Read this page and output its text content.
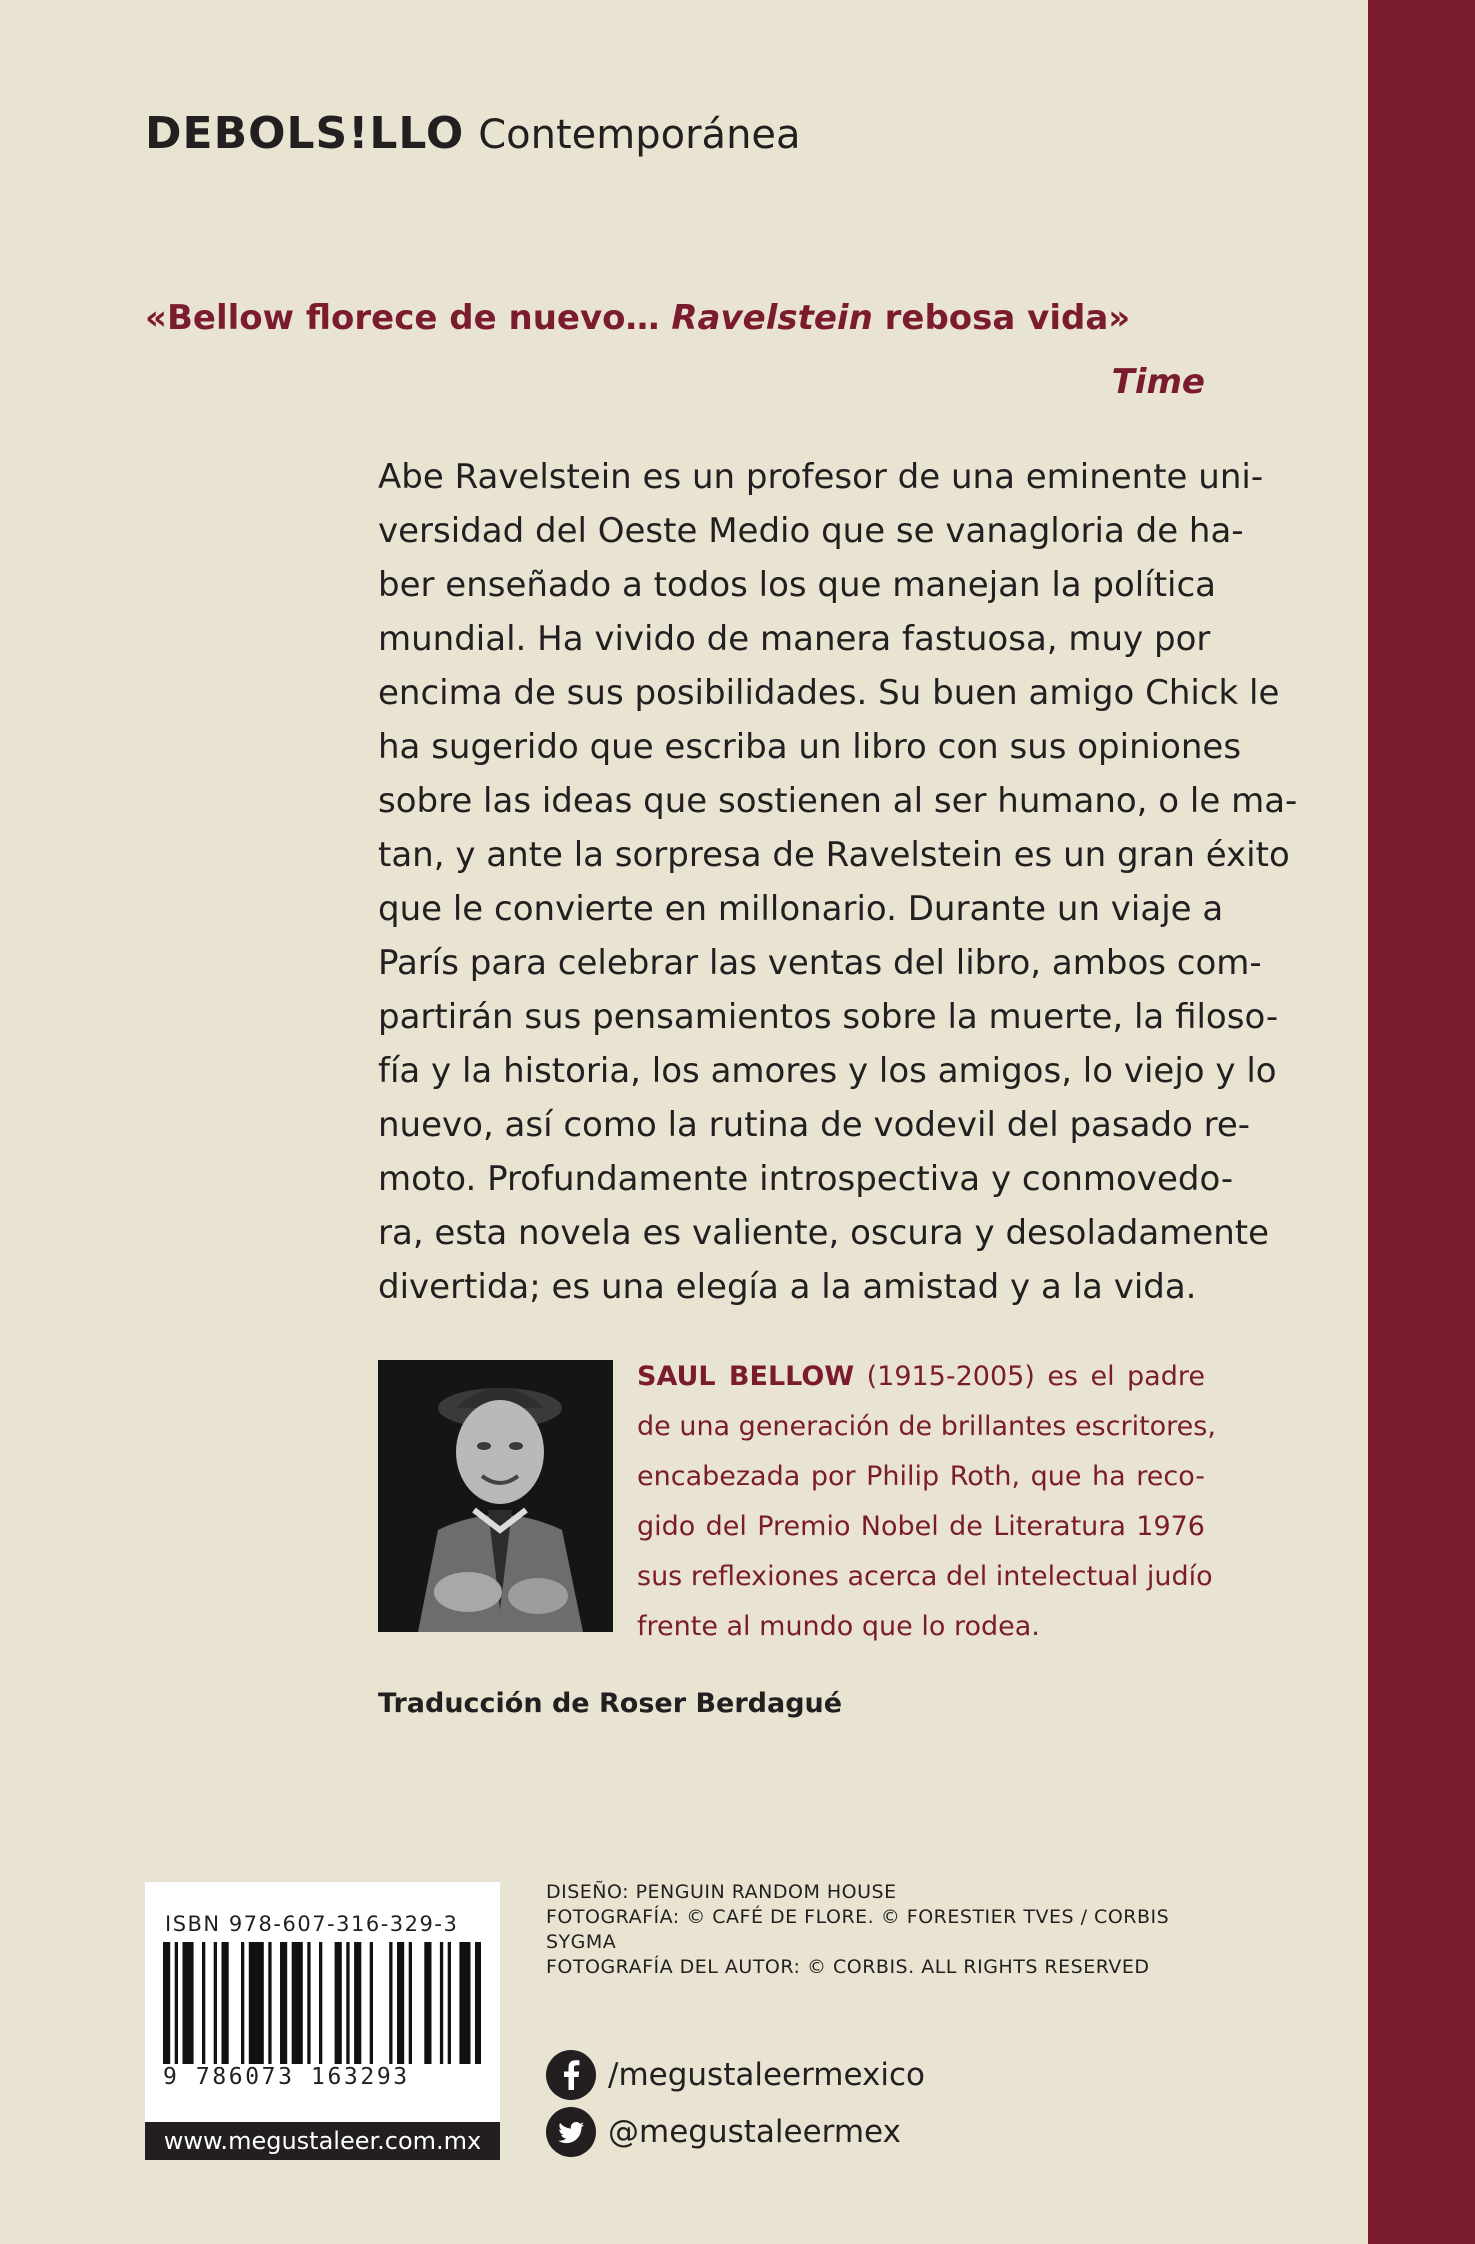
DEBOLS!LLO Contemporánea
«Bellow florece de nuevo… Ravelstein rebosa vida»
Time
Abe Ravelstein es un profesor de una eminente uni-
versidad del Oeste Medio que se vanagloria de ha-
ber enseñado a todos los que manejan la política
mundial. Ha vivido de manera fastuosa, muy por
encima de sus posibilidades. Su buen amigo Chick le
ha sugerido que escriba un libro con sus opiniones
sobre las ideas que sostienen al ser humano, o le ma-
tan, y ante la sorpresa de Ravelstein es un gran éxito
que le convierte en millonario. Durante un viaje a
París para celebrar las ventas del libro, ambos com-
partirán sus pensamientos sobre la muerte, la filoso-
fía y la historia, los amores y los amigos, lo viejo y lo
nuevo, así como la rutina de vodevil del pasado re-
moto. Profundamente introspectiva y conmovedo-
ra, esta novela es valiente, oscura y desoladamente
divertida; es una elegía a la amistad y a la vida.
SAUL BELLOW (1915-2005) es el padre
de una generación de brillantes escritores,
encabezada por Philip Roth, que ha reco-
gido del Premio Nobel de Literatura 1976
sus reflexiones acerca del intelectual judío
frente al mundo que lo rodea.
Traducción de Roser Berdagué
ISBN 978-607-316-329-3
9 786073 163293
www.megustaleer.com.mx
DISEÑO: PENGUIN RANDOM HOUSE
FOTOGRAFÍA: © CAFÉ DE FLORE. © FORESTIER TVES / CORBIS
SYGMA
FOTOGRAFÍA DEL AUTOR: © CORBIS. ALL RIGHTS RESERVED
/megustaleermexico
@megustaleermex
